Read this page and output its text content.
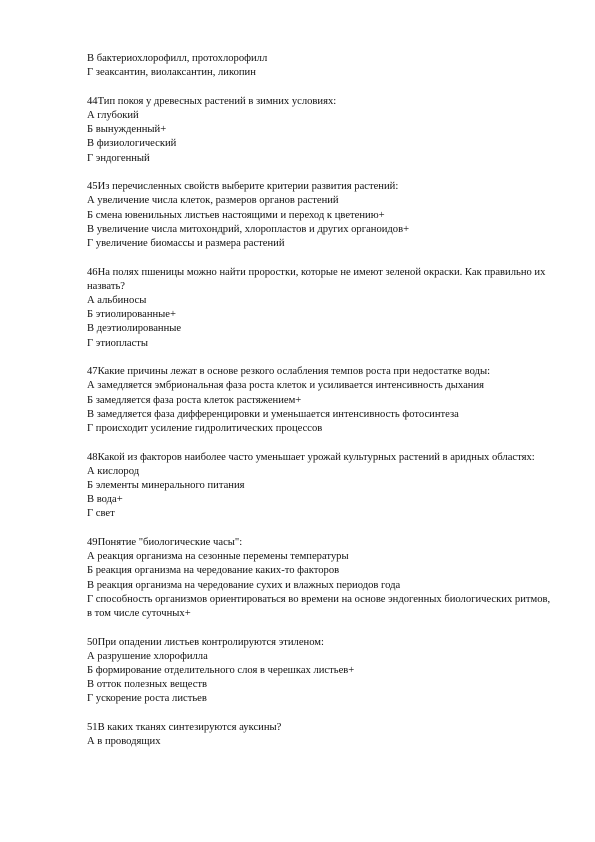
В бактериохлорофилл, протохлорофилл
Г зеаксантин, виолаксантин, ликопин
44Тип покоя у древесных растений в зимних условиях:
А глубокий
Б вынужденный+
В физиологический
Г эндогенный
45Из перечисленных свойств выберите критерии развития растений:
А увеличение числа клеток, размеров органов растений
Б смена ювенильных листьев настоящими и переход к цветению+
В увеличение числа митохондрий, хлоропластов и других органоидов+
Г увеличение биомассы и размера растений
46На полях пшеницы можно найти проростки, которые не имеют зеленой окраски. Как правильно их назвать?
А альбиносы
Б этиолированные+
В деэтиолированные
Г этиопласты
47Какие причины лежат в основе резкого ослабления темпов роста при недостатке воды:
А замедляется эмбриональная фаза роста клеток и усиливается интенсивность дыхания
Б замедляется фаза роста клеток растяжением+
В замедляется фаза дифференцировки и уменьшается интенсивность фотосинтеза
Г происходит усиление гидролитических процессов
48Какой из факторов наиболее часто уменьшает урожай культурных растений в аридных областях:
А кислород
Б элементы минерального питания
В вода+
Г свет
49Понятие "биологические часы":
А реакция организма на сезонные перемены температуры
Б реакция организма на чередование каких-то факторов
В реакция организма на чередование сухих и влажных периодов года
Г способность организмов ориентироваться во времени на основе эндогенных биологических ритмов, в том числе суточных+
50При опадении листьев контролируются этиленом:
А разрушение хлорофилла
Б формирование отделительного слоя в черешках листьев+
В отток полезных веществ
Г ускорение роста листьев
51В каких тканях синтезируются ауксины?
А в проводящих
